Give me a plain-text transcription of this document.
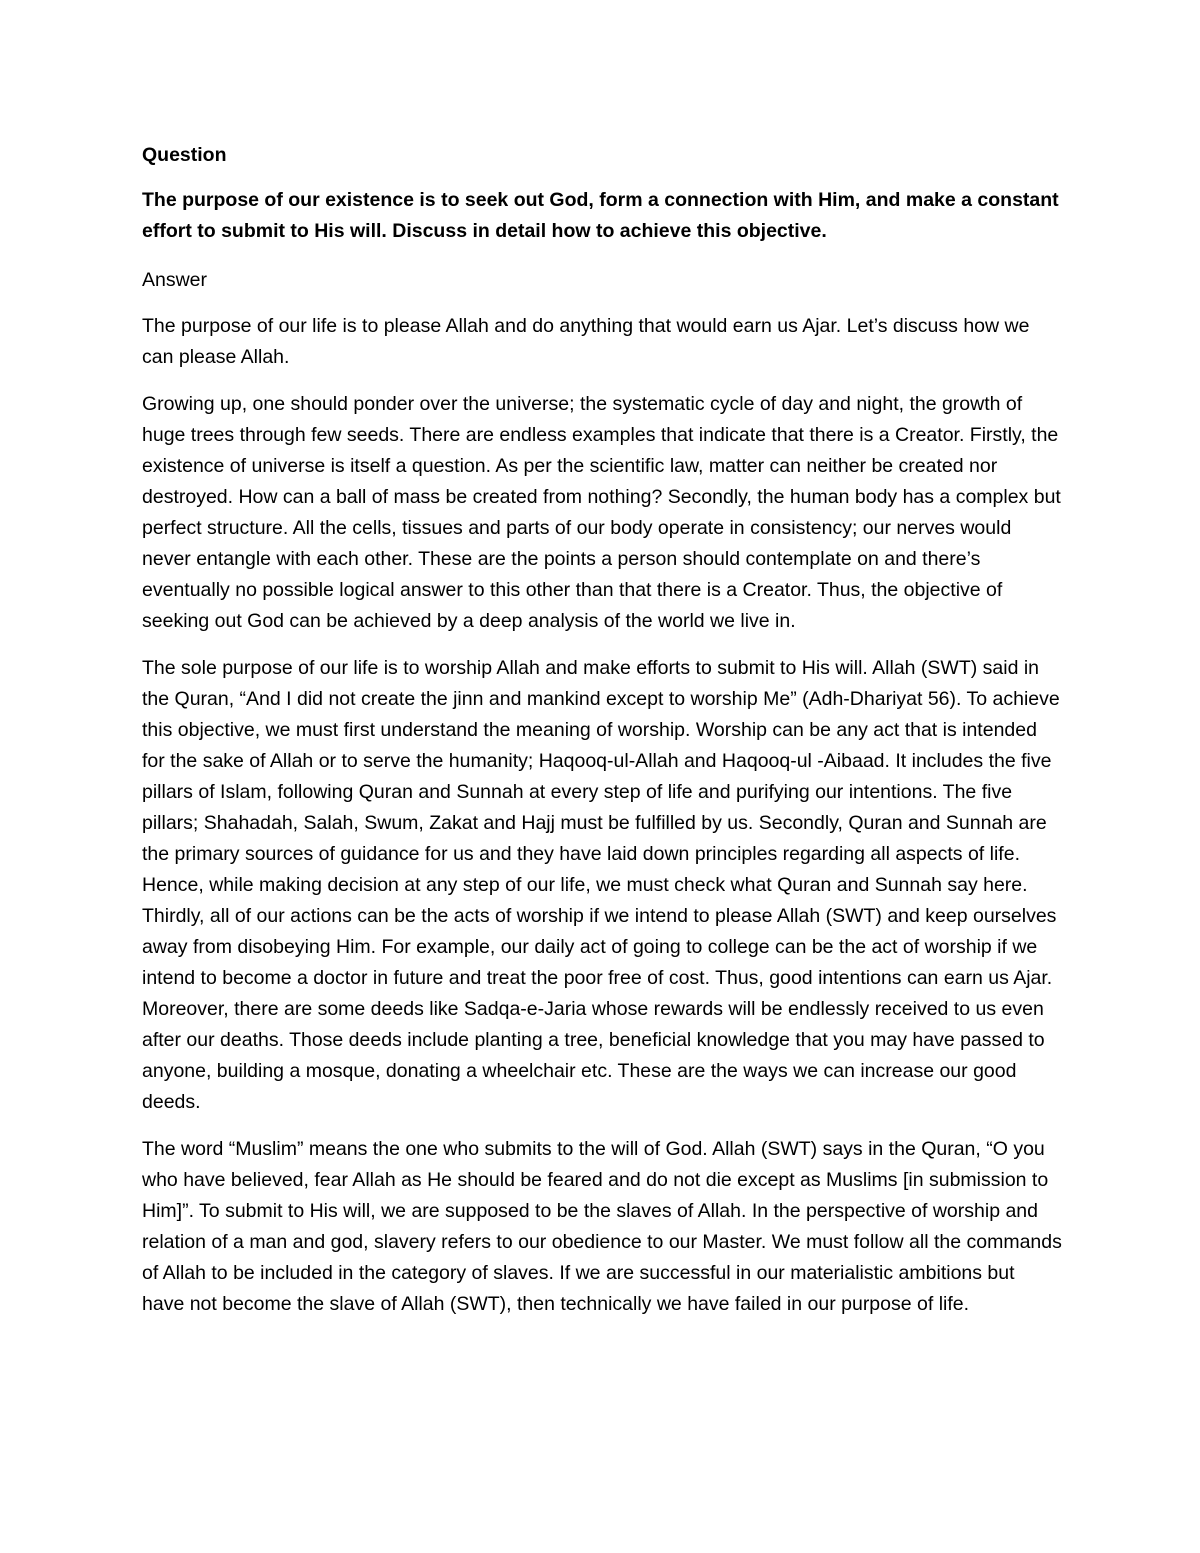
Question

The purpose of our existence is to seek out God, form a connection with Him, and make a constant effort to submit to His will. Discuss in detail how to achieve this objective.

Answer

The purpose of our life is to please Allah and do anything that would earn us Ajar. Let’s discuss how we can please Allah.

Growing up, one should ponder over the universe; the systematic cycle of day and night, the growth of huge trees through few seeds. There are endless examples that indicate that there is a Creator. Firstly, the existence of universe is itself a question. As per the scientific law, matter can neither be created nor destroyed. How can a ball of mass be created from nothing? Secondly, the human body has a complex but perfect structure. All the cells, tissues and parts of our body operate in consistency; our nerves would never entangle with each other. These are the points a person should contemplate on and there’s eventually no possible logical answer to this other than that there is a Creator. Thus, the objective of seeking out God can be achieved by a deep analysis of the world we live in.

The sole purpose of our life is to worship Allah and make efforts to submit to His will. Allah (SWT) said in the Quran, “And I did not create the jinn and mankind except to worship Me” (Adh-Dhariyat 56). To achieve this objective, we must first understand the meaning of worship. Worship can be any act that is intended for the sake of Allah or to serve the humanity; Haqooq-ul-Allah and Haqooq-ul -Aibaad. It includes the five pillars of Islam, following Quran and Sunnah at every step of life and purifying our intentions. The five pillars; Shahadah, Salah, Swum, Zakat and Hajj must be fulfilled by us. Secondly, Quran and Sunnah are the primary sources of guidance for us and they have laid down principles regarding all aspects of life. Hence, while making decision at any step of our life, we must check what Quran and Sunnah say here. Thirdly, all of our actions can be the acts of worship if we intend to please Allah (SWT) and keep ourselves away from disobeying Him. For example, our daily act of going to college can be the act of worship if we intend to become a doctor in future and treat the poor free of cost. Thus, good intentions can earn us Ajar. Moreover, there are some deeds like Sadqa-e-Jaria whose rewards will be endlessly received to us even after our deaths. Those deeds include planting a tree, beneficial knowledge that you may have passed to anyone, building a mosque, donating a wheelchair etc. These are the ways we can increase our good deeds.

The word “Muslim” means the one who submits to the will of God. Allah (SWT) says in the Quran, “O you who have believed, fear Allah as He should be feared and do not die except as Muslims [in submission to Him]”. To submit to His will, we are supposed to be the slaves of Allah. In the perspective of worship and relation of a man and god, slavery refers to our obedience to our Master. We must follow all the commands of Allah to be included in the category of slaves. If we are successful in our materialistic ambitions but have not become the slave of Allah (SWT), then technically we have failed in our purpose of life.
